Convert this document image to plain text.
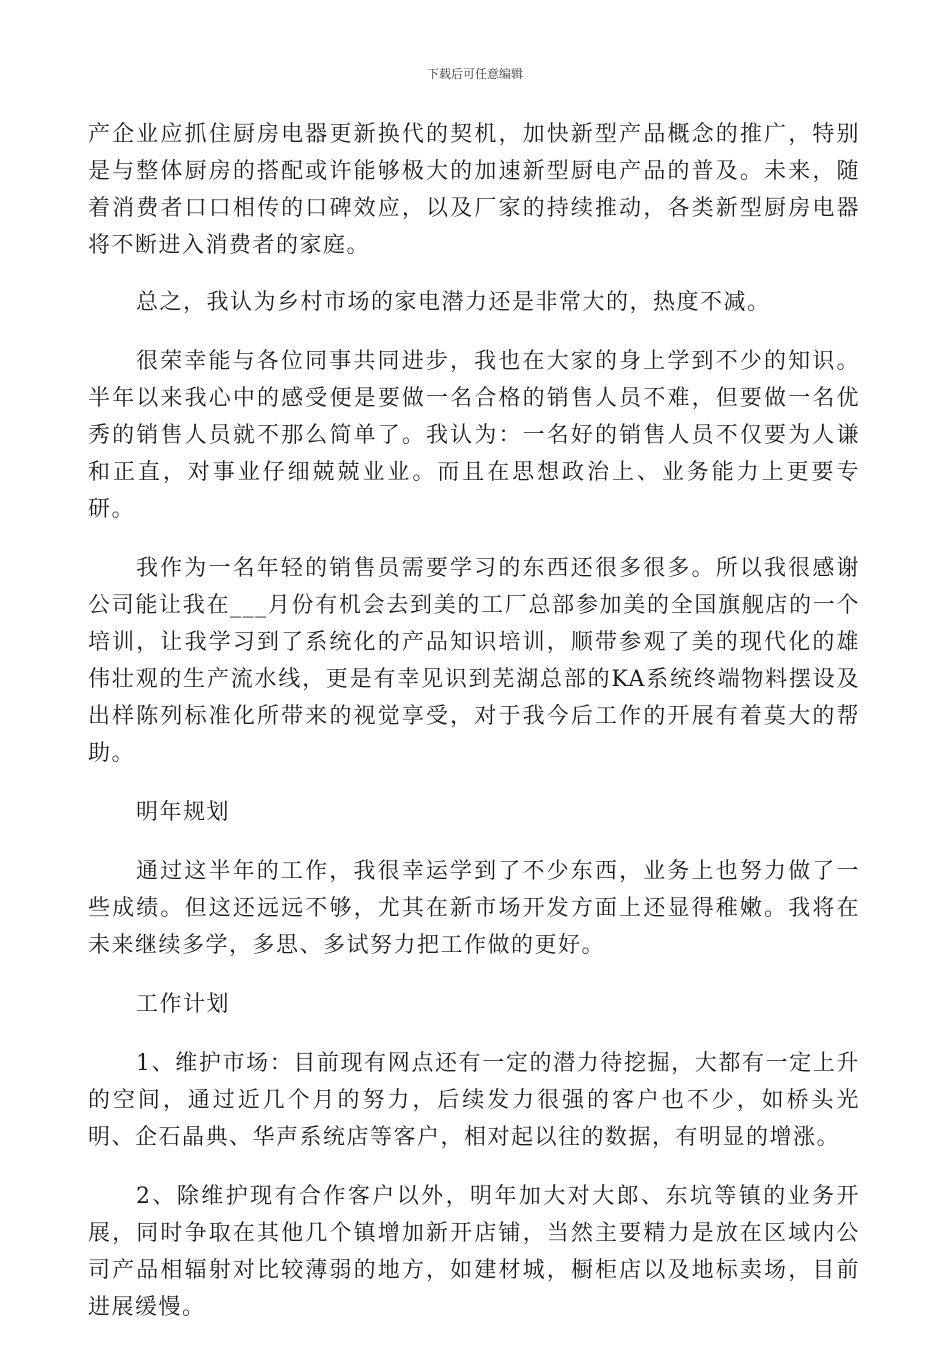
下载后可任意编辑

产企业应抓住厨房电器更新换代的契机，加快新型产品概念的推广，特别是与整体厨房的搭配或许能够极大的加速新型厨电产品的普及。未来，随着消费者口口相传的口碑效应，以及厂家的持续推动，各类新型厨房电器将不断进入消费者的家庭。

总之，我认为乡村市场的家电潜力还是非常大的，热度不减。

很荣幸能与各位同事共同进步，我也在大家的身上学到不少的知识。半年以来我心中的感受便是要做一名合格的销售人员不难，但要做一名优秀的销售人员就不那么简单了。我认为：一名好的销售人员不仅要为人谦和正直，对事业仔细兢兢业业。而且在思想政治上、业务能力上更要专研。

我作为一名年轻的销售员需要学习的东西还很多很多。所以我很感谢公司能让我在___月份有机会去到美的工厂总部参加美的全国旗舰店的一个培训，让我学习到了系统化的产品知识培训，顺带参观了美的现代化的雄伟壮观的生产流水线，更是有幸见识到芜湖总部的KA系统终端物料摆设及出样陈列标准化所带来的视觉享受，对于我今后工作的开展有着莫大的帮助。

明年规划

通过这半年的工作，我很幸运学到了不少东西，业务上也努力做了一些成绩。但这还远远不够，尤其在新市场开发方面上还显得稚嫩。我将在未来继续多学，多思、多试努力把工作做的更好。

工作计划

1、维护市场：目前现有网点还有一定的潜力待挖掘，大都有一定上升的空间，通过近几个月的努力，后续发力很强的客户也不少，如桥头光明、企石晶典、华声系统店等客户，相对起以往的数据，有明显的增涨。

2、除维护现有合作客户以外，明年加大对大郎、东坑等镇的业务开展，同时争取在其他几个镇增加新开店铺，当然主要精力是放在区域内公司产品相辐射对比较薄弱的地方，如建材城，橱柜店以及地标卖场，目前进展缓慢。
